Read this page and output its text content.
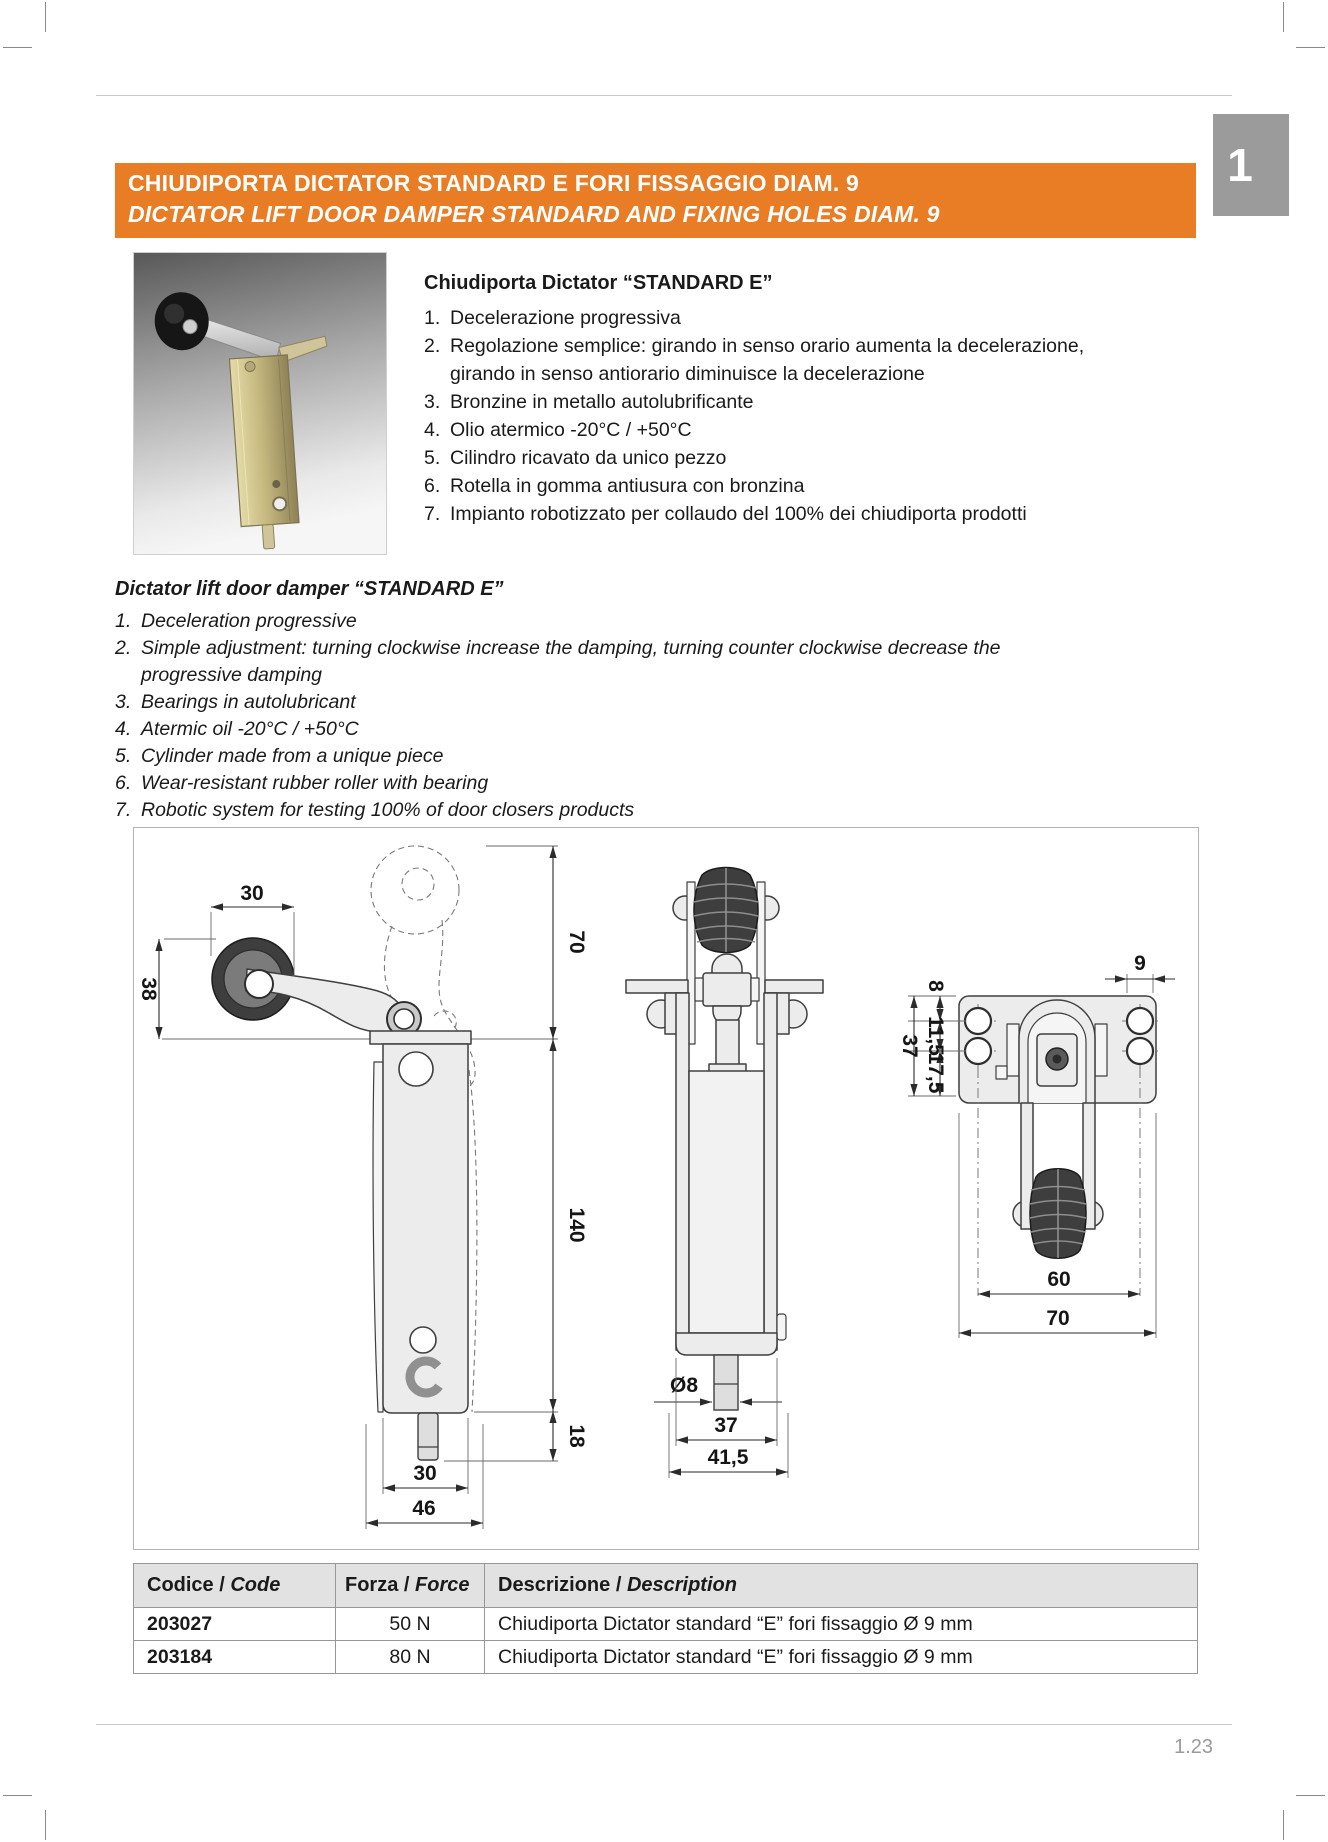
CHIUDIPORTA DICTATOR STANDARD E FORI FISSAGGIO DIAM. 9
DICTATOR LIFT DOOR DAMPER STANDARD AND FIXING HOLES DIAM. 9
1
Chiudiporta Dictator “STANDARD E”
1. Decelerazione progressiva
2. Regolazione semplice: girando in senso orario aumenta la decelerazione, girando in senso antiorario diminuisce la decelerazione
3. Bronzine in metallo autolubrificante
4. Olio atermico -20°C / +50°C
5. Cilindro ricavato da unico pezzo
6. Rotella in gomma antiusura con bronzina
7. Impianto robotizzato per collaudo del 100% dei chiudiporta prodotti
Dictator lift door damper “STANDARD E”
1. Deceleration progressive
2. Simple adjustment: turning clockwise increase the damping, turning counter clockwise decrease the progressive damping
3. Bearings in autolubricant
4. Atermic oil -20°C / +50°C
5. Cylinder made from a unique piece
6. Wear-resistant rubber roller with bearing
7. Robotic system for testing 100% of door closers products
30
38
70
140
18
30
46
Ø8
37
41,5
9
8
11,5
17,5
37
60
70
Codice / Code	Forza / Force	Descrizione / Description
203027	50 N	Chiudiporta Dictator standard “E” fori fissaggio Ø 9 mm
203184	80 N	Chiudiporta Dictator standard “E” fori fissaggio Ø 9 mm
1.23
